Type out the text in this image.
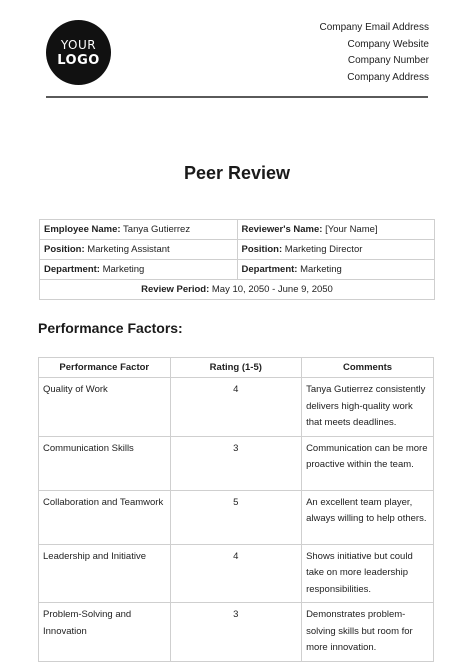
YOUR
LOGO
Company Email Address
Company Website
Company Number
Company Address
Peer Review
Employee Name: Tanya Gutierrez	Reviewer's Name: [Your Name]
Position: Marketing Assistant	Position: Marketing Director
Department: Marketing	Department: Marketing
Review Period: May 10, 2050 - June 9, 2050	
Performance Factors:
Performance Factor	Rating (1-5)	Comments
Quality of Work	4	Tanya Gutierrez consistently delivers high-quality work that meets deadlines.
Communication Skills	3	Communication can be more proactive within the team.
Collaboration and Teamwork	5	An excellent team player, always willing to help others.
Leadership and Initiative	4	Shows initiative but could take on more leadership responsibilities.
Problem-Solving and Innovation	3	Demonstrates problem-solving skills but room for more innovation.
